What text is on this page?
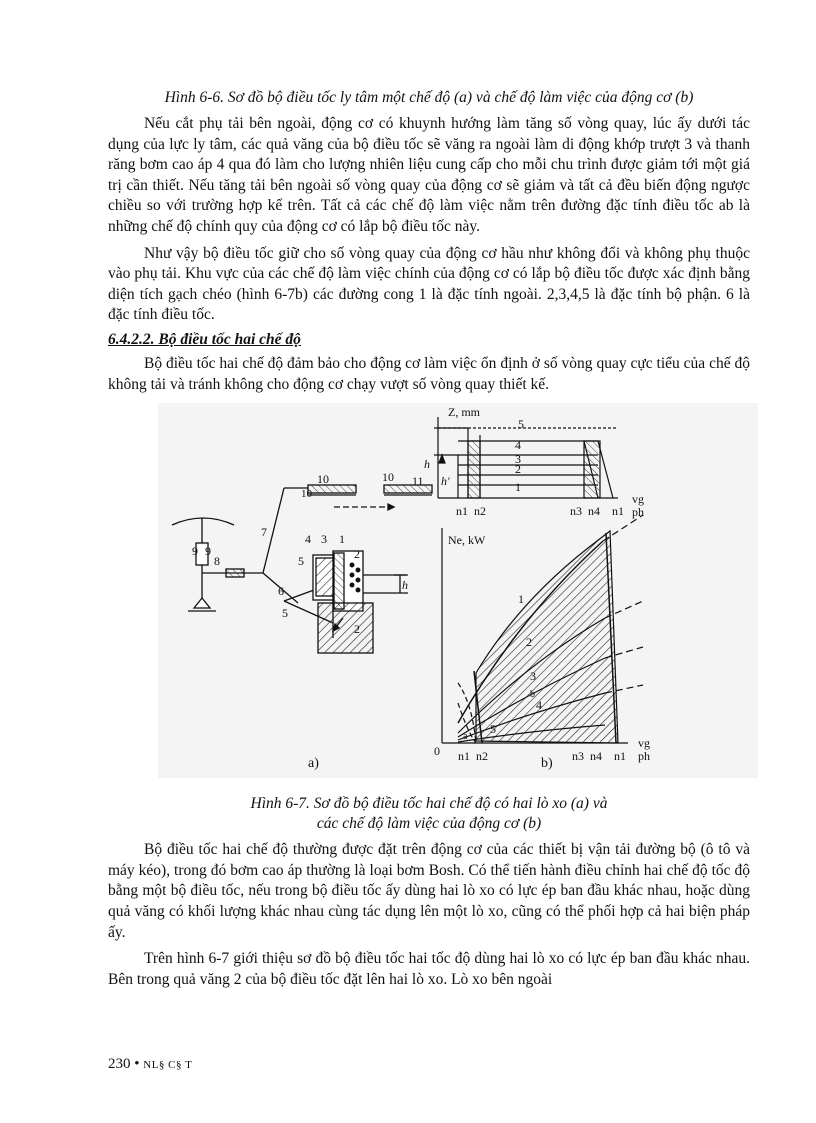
Hình 6-6. Sơ đồ bộ điều tốc ly tâm một chế độ (a) và chế độ làm việc của động cơ (b)

Nếu cắt phụ tải bên ngoài, động cơ có khuynh hướng làm tăng số vòng quay, lúc ấy dưới tác dụng của lực ly tâm, các quả văng của bộ điều tốc sẽ văng ra ngoài làm di động khớp trượt 3 và thanh răng bơm cao áp 4 qua đó làm cho lượng nhiên liệu cung cấp cho mỗi chu trình được giảm tới một giá trị cần thiết. Nếu tăng tải bên ngoài số vòng quay của động cơ sẽ giảm và tất cả đều biến động ngược chiều so với trường hợp kể trên. Tất cả các chế độ làm việc nằm trên đường đặc tính điều tốc ab là những chế độ chính quy của động cơ có lắp bộ điều tốc này.

Như vậy bộ điều tốc giữ cho số vòng quay của động cơ hầu như không đổi và không phụ thuộc vào phụ tải. Khu vực của các chế độ làm việc chính của động cơ có lắp bộ điều tốc được xác định bằng diện tích gạch chéo (hình 6-7b) các đường cong 1 là đặc tính ngoài. 2,3,4,5 là đặc tính bộ phận. 6 là đặc tính điều tốc.

6.4.2.2. Bộ điều tốc hai chế độ

Bộ điều tốc hai chế độ đảm bảo cho động cơ làm việc ổn định ở số vòng quay cực tiểu của chế độ không tải và tránh không cho động cơ chạy vượt số vòng quay thiết kế.

10
10
10	11
7
9
9
8
4 3 1
2
5
6
5
2
h
a)
Z, mm
5
4
3
2
1
h
h'
n1 n2	n3 n4 n1
vg
ph
Ne, kW
1
2
3
4
b
5
a
0 n1 n2	n3 n4 n1
vg
ph
b)

Hình 6-7. Sơ đồ bộ điều tốc hai chế độ có hai lò xo (a) và

các chế độ làm việc của động cơ (b)

Bộ điều tốc hai chế độ thường được đặt trên động cơ của các thiết bị vận tải đường bộ (ô tô và máy kéo), trong đó bơm cao áp thường là loại bơm Bosh. Có thể tiến hành điều chỉnh hai chế độ tốc độ bằng một bộ điều tốc, nếu trong bộ điều tốc ấy dùng hai lò xo có lực ép ban đầu khác nhau, hoặc dùng quả văng có khối lượng khác nhau cùng tác dụng lên một lò xo, cũng có thể phối hợp cả hai biện pháp ấy.

Trên hình 6-7 giới thiệu sơ đồ bộ điều tốc hai tốc độ dùng hai lò xo có lực ép ban đầu khác nhau. Bên trong quả văng 2 của bộ điều tốc đặt lên hai lò xo. Lò xo bên ngoài

230 • NL§ C§ T
